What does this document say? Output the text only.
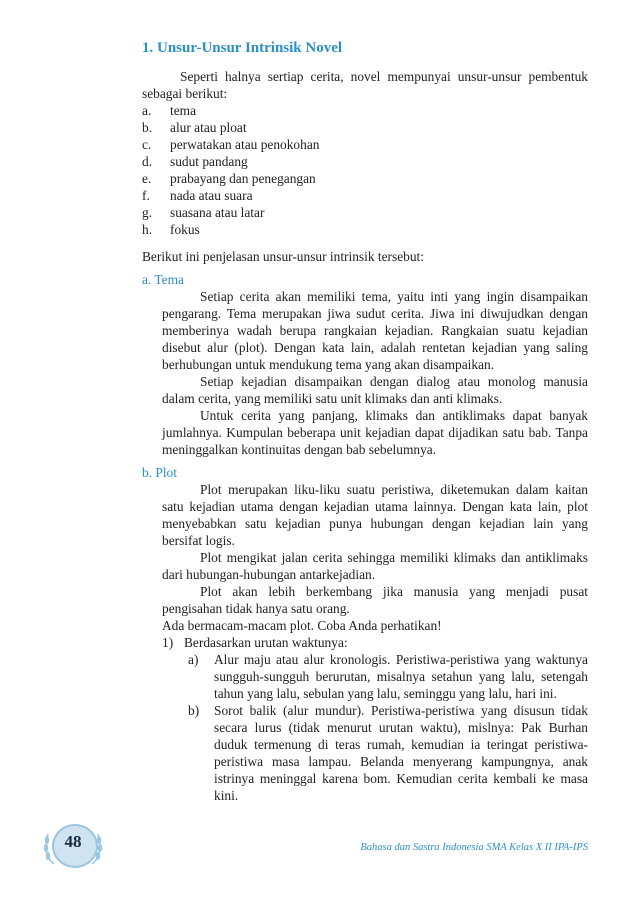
1. Unsur-Unsur Intrinsik Novel

Seperti halnya sertiap cerita, novel mempunyai unsur-unsur pembentuk sebagai berikut:

a.	tema
b.	alur atau ploat
c.	perwatakan atau penokohan
d.	sudut pandang
e.	prabayang dan penegangan
f.	nada atau suara
g.	suasana atau latar
h.	fokus

Berikut ini penjelasan unsur-unsur intrinsik tersebut:

a. Tema

Setiap cerita akan memiliki tema, yaitu inti yang ingin disampaikan pengarang. Tema merupakan jiwa sudut cerita. Jiwa ini diwujudkan dengan memberinya wadah berupa rangkaian kejadian. Rangkaian suatu kejadian disebut alur (plot). Dengan kata lain, adalah rentetan kejadian yang saling berhubungan untuk mendukung tema yang akan disampaikan.

Setiap kejadian disampaikan dengan dialog atau monolog manusia dalam cerita, yang memiliki satu unit klimaks dan anti klimaks.

Untuk cerita yang panjang, klimaks dan antiklimaks dapat banyak jumlahnya. Kumpulan beberapa unit kejadian dapat dijadikan satu bab. Tanpa meninggalkan kontinuitas dengan bab sebelumnya.

b. Plot

Plot merupakan liku-liku suatu peristiwa, diketemukan dalam kaitan satu kejadian utama dengan kejadian utama lainnya. Dengan kata lain, plot menyebabkan satu kejadian punya hubungan dengan kejadian lain yang bersifat logis.

Plot mengikat jalan cerita sehingga memiliki klimaks dan antiklimaks dari hubungan-hubungan antarkejadian.

Plot akan lebih berkembang jika manusia yang menjadi pusat pengisahan tidak hanya satu orang.

Ada bermacam-macam plot. Coba Anda perhatikan!

1) Berdasarkan urutan waktunya:
a)	Alur maju atau alur kronologis. Peristiwa-peristiwa yang waktunya sungguh-sungguh berurutan, misalnya setahun yang lalu, setengah tahun yang lalu, sebulan yang lalu, seminggu yang lalu, hari ini.
b)	Sorot balik (alur mundur). Peristiwa-peristiwa yang disusun tidak secara lurus (tidak menurut urutan waktu), mislnya: Pak Burhan duduk termenung di teras rumah, kemudian ia teringat peristiwa-peristiwa masa lampau. Belanda menyerang kampungnya, anak istrinya meninggal karena bom. Kemudian cerita kembali ke masa kini.
48	Bahasa dan Sastra Indonesia SMA Kelas X II IPA-IPS
